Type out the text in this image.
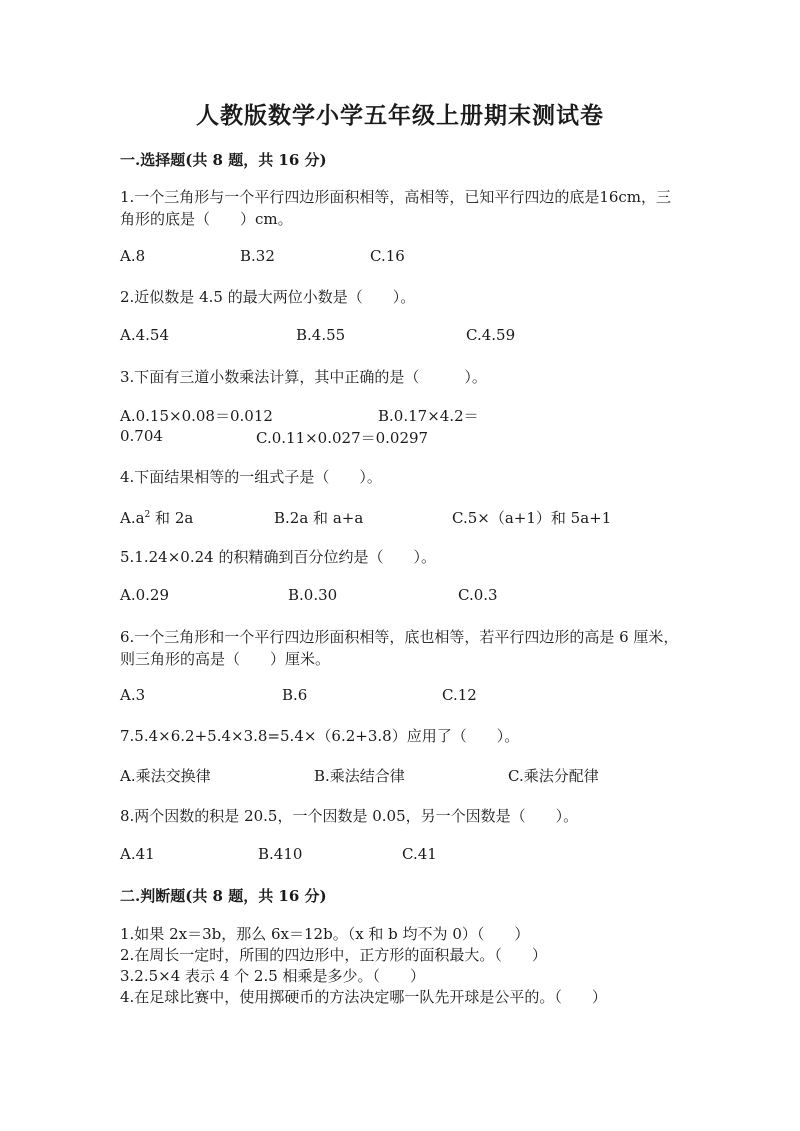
人教版数学小学五年级上册期末测试卷
一.选择题(共 8 题，共 16 分)
1.一个三角形与一个平行四边形面积相等，高相等，已知平行四边的底是16cm，三角形的底是（　　）cm。
A.8	B.32	C.16
2.近似数是 4.5 的最大两位小数是（　　）。
A.4.54	B.4.55	C.4.59
3.下面有三道小数乘法计算，其中正确的是（　　　）。
A.0.15×0.08＝0.012	B.0.17×4.2＝
0.704	C.0.11×0.027＝0.0297
4.下面结果相等的一组式子是（　　）。
$A.a^2$ 和 2a	B.2a 和 a+a	C.5×（a+1）和 5a+1
5.1.24×0.24 的积精确到百分位约是（　　）。
A.0.29	B.0.30	C.0.3
6.一个三角形和一个平行四边形面积相等，底也相等，若平行四边形的高是 6 厘米，则三角形的高是（　　）厘米。
A.3	B.6	C.12
7.5.4×6.2+5.4×3.8=5.4×（6.2+3.8）应用了（　　）。
A.乘法交换律	B.乘法结合律	C.乘法分配律
8.两个因数的积是 20.5，一个因数是 0.05，另一个因数是（　　）。
A.41	B.410	C.41
二.判断题(共 8 题，共 16 分)
1.如果 2x＝3b，那么 6x＝12b。（x 和 b 均不为 0）（　　）
2.在周长一定时，所围的四边形中，正方形的面积最大。（　　）
3.2.5×4 表示 4 个 2.5 相乘是多少。（　　）
4.在足球比赛中，使用掷硬币的方法决定哪一队先开球是公平的。（　　）
